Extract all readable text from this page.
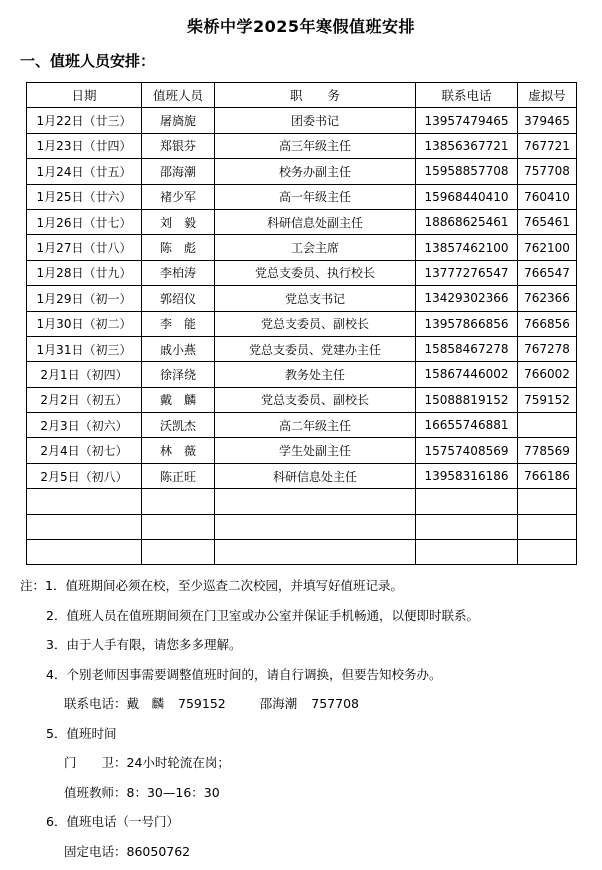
柴桥中学2025年寒假值班安排
一、值班人员安排：
日期	值班人员	职　　务	联系电话	虚拟号
1月22日（廿三）	屠旖旎	团委书记	13957479465	379465
1月23日（廿四）	郑银芬	高三年级主任	13856367721	767721
1月24日（廿五）	邵海潮	校务办副主任	15958857708	757708
1月25日（廿六）	褚少军	高一年级主任	15968440410	760410
1月26日（廿七）	刘　毅	科研信息处副主任	18868625461	765461
1月27日（廿八）	陈　彪	工会主席	13857462100	762100
1月28日（廿九）	李柏涛	党总支委员、执行校长	13777276547	766547
1月29日（初一）	郭绍仪	党总支书记	13429302366	762366
1月30日（初二）	李　能	党总支委员、副校长	13957866856	766856
1月31日（初三）	戚小燕	党总支委员、党建办主任	15858467278	767278
2月1日（初四）	徐泽绕	教务处主任	15867446002	766002
2月2日（初五）	戴　麟	党总支委员、副校长	15088819152	759152
2月3日（初六）	沃凯杰	高二年级主任	16655746881	
2月4日（初七）	林　薇	学生处副主任	15757408569	778569
2月5日（初八）	陈正旺	科研信息处主任	13958316186	766186

注：1．值班期间必须在校，至少巡查二次校园，并填写好值班记录。
2．值班人员在值班期间须在门卫室或办公室并保证手机畅通，以便即时联系。
3．由于人手有限，请您多多理解。
4．个别老师因事需要调整值班时间的，请自行调换，但要告知校务办。
联系电话：戴　麟 759152	邵海潮 757708
5．值班时间
门　　卫：24小时轮流在岗；
值班教师：8：30—16：30
6．值班电话（一号门）
固定电话：86050762
